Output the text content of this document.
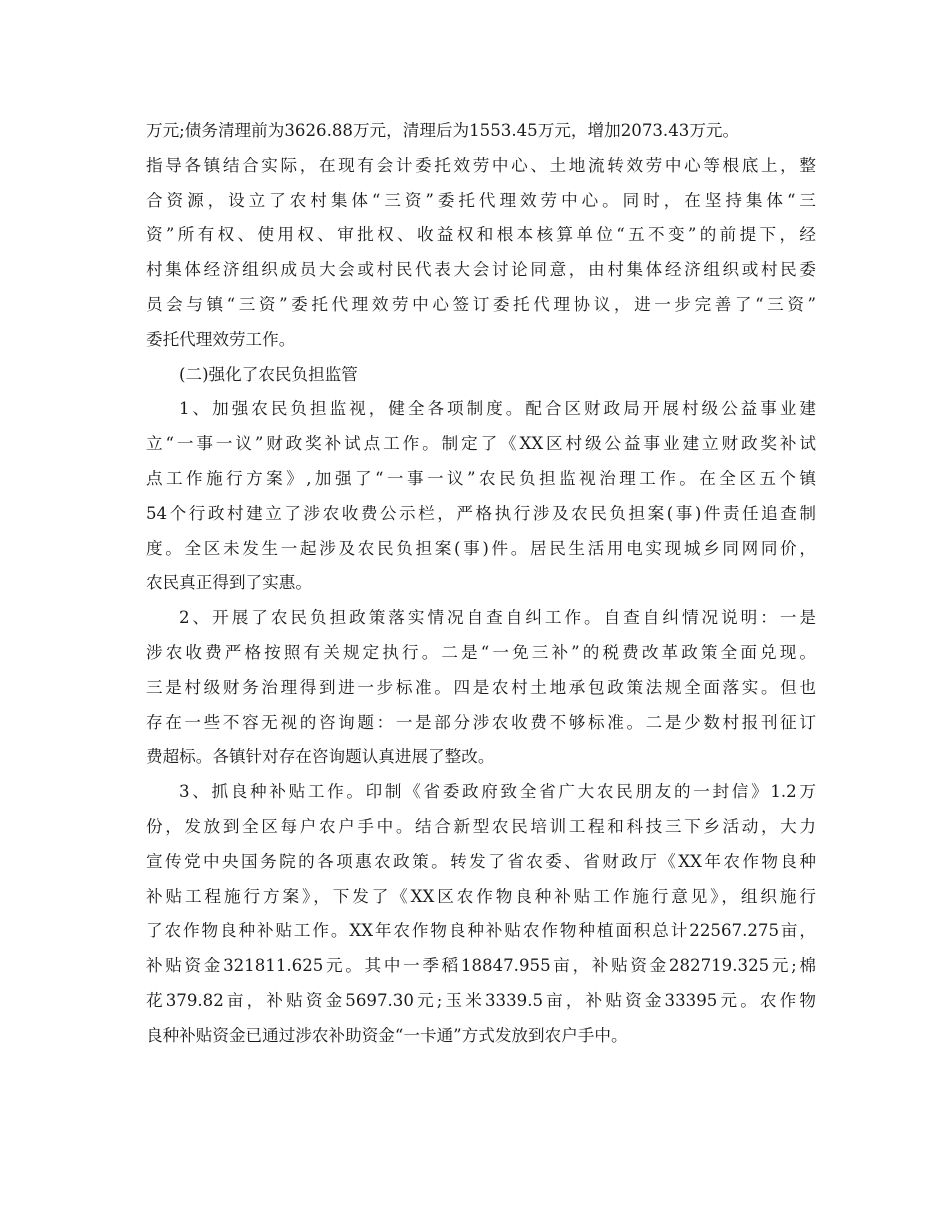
万元;债务清理前为3626.88万元，清理后为1553.45万元，增加2073.43万元。
指导各镇结合实际，在现有会计委托效劳中心、土地流转效劳中心等根底上，整
合资源，设立了农村集体“三资”委托代理效劳中心。同时，在坚持集体“三
资”所有权、使用权、审批权、收益权和根本核算单位“五不变”的前提下，经
村集体经济组织成员大会或村民代表大会讨论同意，由村集体经济组织或村民委
员会与镇“三资”委托代理效劳中心签订委托代理协议，进一步完善了“三资”
委托代理效劳工作。
(二)强化了农民负担监管
1、加强农民负担监视，健全各项制度。配合区财政局开展村级公益事业建
立“一事一议”财政奖补试点工作。制定了《XX区村级公益事业建立财政奖补试
点工作施行方案》,加强了“一事一议”农民负担监视治理工作。在全区五个镇
54个行政村建立了涉农收费公示栏，严格执行涉及农民负担案(事)件责任追查制
度。全区未发生一起涉及农民负担案(事)件。居民生活用电实现城乡同网同价，
农民真正得到了实惠。
2、开展了农民负担政策落实情况自查自纠工作。自查自纠情况说明：一是
涉农收费严格按照有关规定执行。二是“一免三补”的税费改革政策全面兑现。
三是村级财务治理得到进一步标准。四是农村土地承包政策法规全面落实。但也
存在一些不容无视的咨询题：一是部分涉农收费不够标准。二是少数村报刊征订
费超标。各镇针对存在咨询题认真进展了整改。
3、抓良种补贴工作。印制《省委政府致全省广大农民朋友的一封信》1.2万
份，发放到全区每户农户手中。结合新型农民培训工程和科技三下乡活动，大力
宣传党中央国务院的各项惠农政策。转发了省农委、省财政厅《XX年农作物良种
补贴工程施行方案》，下发了《XX区农作物良种补贴工作施行意见》，组织施行
了农作物良种补贴工作。XX年农作物良种补贴农作物种植面积总计22567.275亩，
补贴资金321811.625元。其中一季稻18847.955亩，补贴资金282719.325元;棉
花379.82亩，补贴资金5697.30元;玉米3339.5亩，补贴资金33395元。农作物
良种补贴资金已通过涉农补助资金“一卡通”方式发放到农户手中。
